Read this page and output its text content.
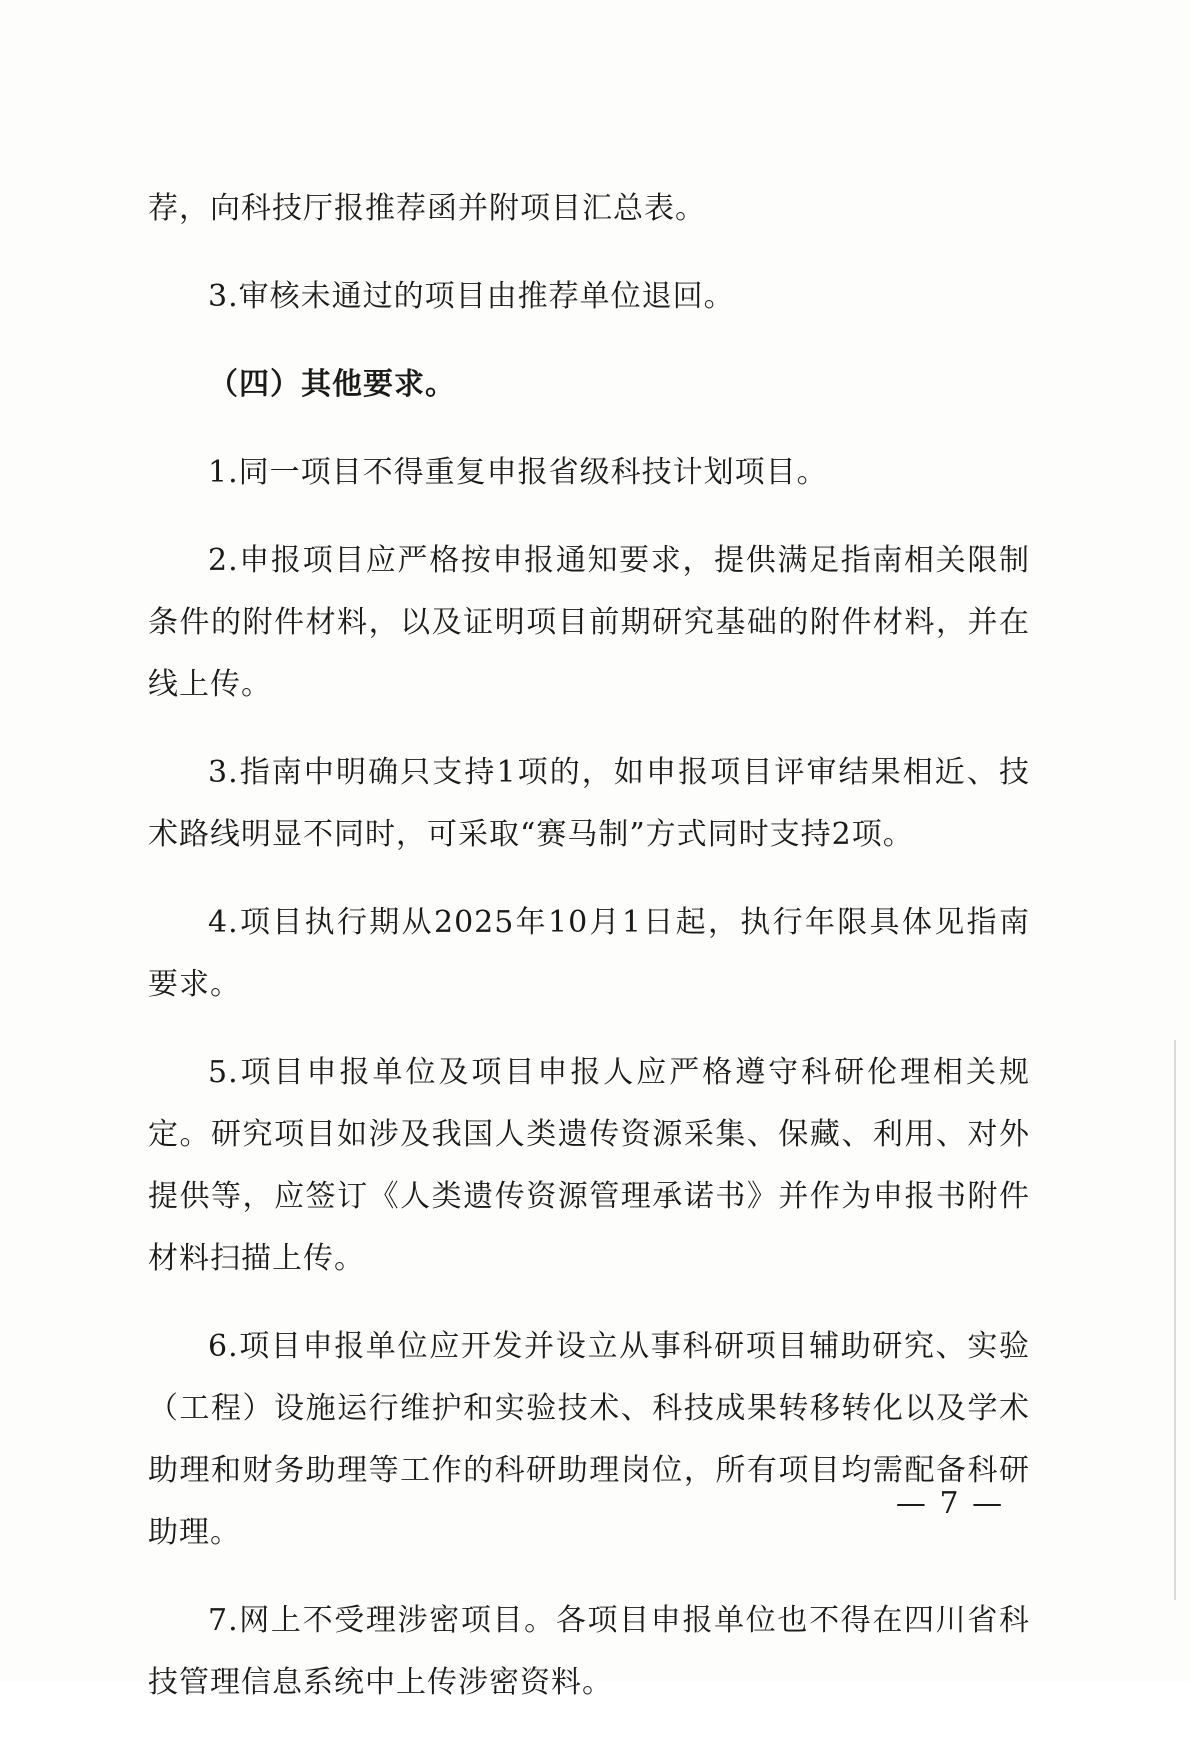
荐，向科技厅报推荐函并附项目汇总表。

3.审核未通过的项目由推荐单位退回。

（四）其他要求。

1.同一项目不得重复申报省级科技计划项目。

2.申报项目应严格按申报通知要求，提供满足指南相关限制条件的附件材料，以及证明项目前期研究基础的附件材料，并在线上传。

3.指南中明确只支持1项的，如申报项目评审结果相近、技术路线明显不同时，可采取“赛马制”方式同时支持2项。

4.项目执行期从2025年10月1日起，执行年限具体见指南要求。

5.项目申报单位及项目申报人应严格遵守科研伦理相关规定。研究项目如涉及我国人类遗传资源采集、保藏、利用、对外提供等，应签订《人类遗传资源管理承诺书》并作为申报书附件材料扫描上传。

6.项目申报单位应开发并设立从事科研项目辅助研究、实验（工程）设施运行维护和实验技术、科技成果转移转化以及学术助理和财务助理等工作的科研助理岗位，所有项目均需配备科研助理。

7.网上不受理涉密项目。各项目申报单位也不得在四川省科技管理信息系统中上传涉密资料。

— 7 —
